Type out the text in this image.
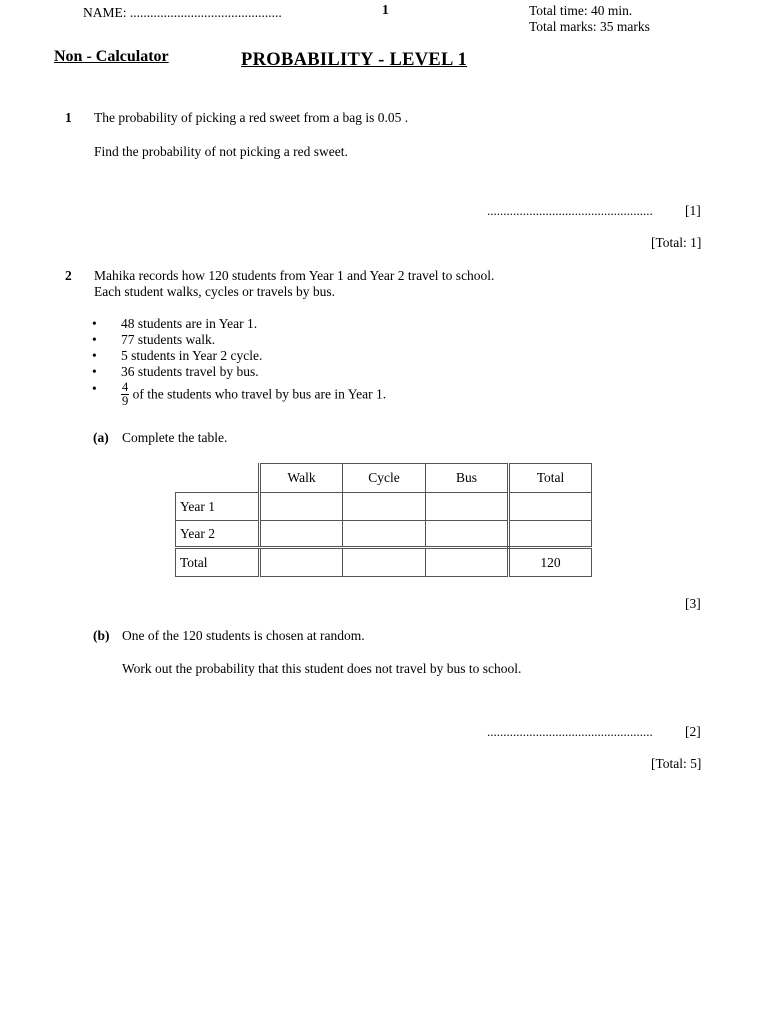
NAME: .............................................	1	Total time: 40 min.
Total marks: 35 marks
Non - Calculator	PROBABILITY - LEVEL 1
1 The probability of picking a red sweet from a bag is 0.05 .
Find the probability of not picking a red sweet.
................................................... [1]
[Total: 1]
2 Mahika records how 120 students from Year 1 and Year 2 travel to school.
Each student walks, cycles or travels by bus.
• 48 students are in Year 1.
• 77 students walk.
• 5 students in Year 2 cycle.
• 36 students travel by bus.
• $\frac{4}{9}$ of the students who travel by bus are in Year 1.
(a) Complete the table.
	Walk	Cycle	Bus	Total
Year 1				
Year 2				
Total				120
[3]
(b) One of the 120 students is chosen at random.
Work out the probability that this student does not travel by bus to school.
................................................... [2]
[Total: 5]
